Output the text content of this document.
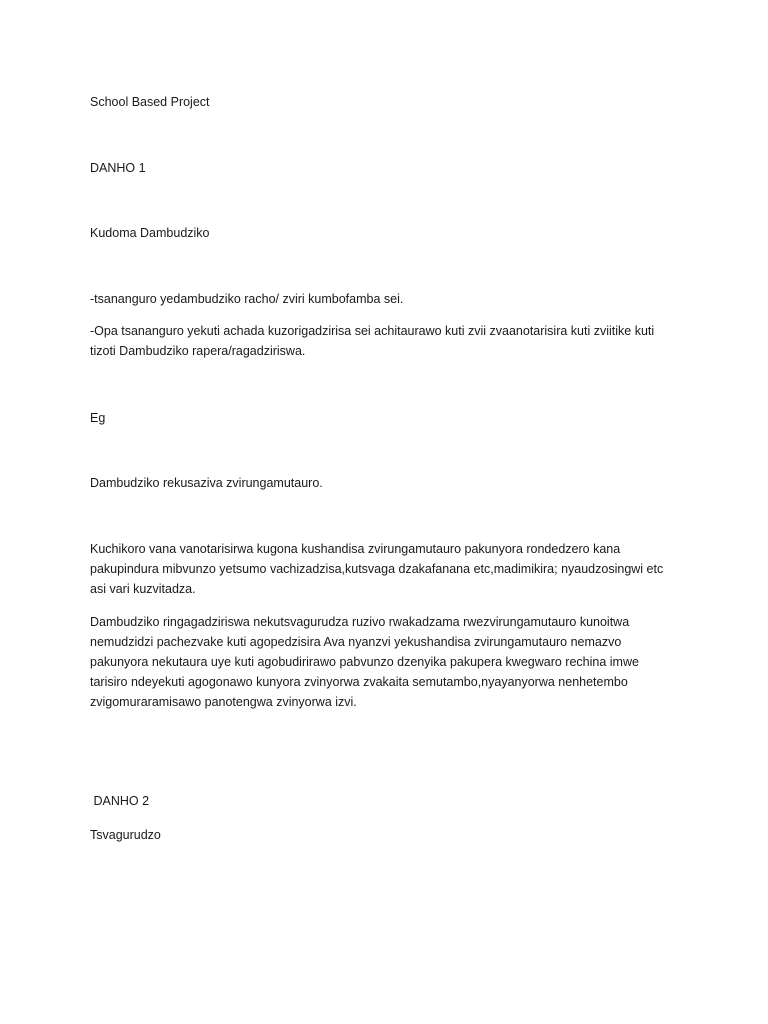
School Based Project

DANHO 1

Kudoma Dambudziko

-tsananguro yedambudziko racho/ zviri kumbofamba sei.

-Opa tsananguro yekuti achada kuzorigadzirisa sei achitaurawo kuti zvii zvaanotarisira kuti zviitike kuti
tizoti Dambudziko rapera/ragadziriswa.

Eg

Dambudziko rekusaziva zvirungamutauro.

Kuchikoro vana vanotarisirwa kugona kushandisa zvirungamutauro pakunyora rondedzero kana
pakupindura mibvunzo yetsumo vachizadzisa,kutsvaga dzakafanana etc,madimikira; nyaudzosingwi etc
asi vari kuzvitadza.
Dambudziko ringagadziriswa nekutsvagurudza ruzivo rwakadzama rwezvirungamutauro kunoitwa
nemudzidzi pachezvake kuti agopedzisira Ava nyanzvi yekushandisa zvirungamutauro nemazvo
pakunyora nekutaura uye kuti agobudirirawo pabvunzo dzenyika pakupera kwegwaro rechina imwe
tarisiro ndeyekuti agogonawo kunyora zvinyorwa zvakaita semutambo,nyayanyorwa nenhetembo
zvigomuraramisawo panotengwa zvinyorwa izvi.

DANHO 2

Tsvagurudzo
